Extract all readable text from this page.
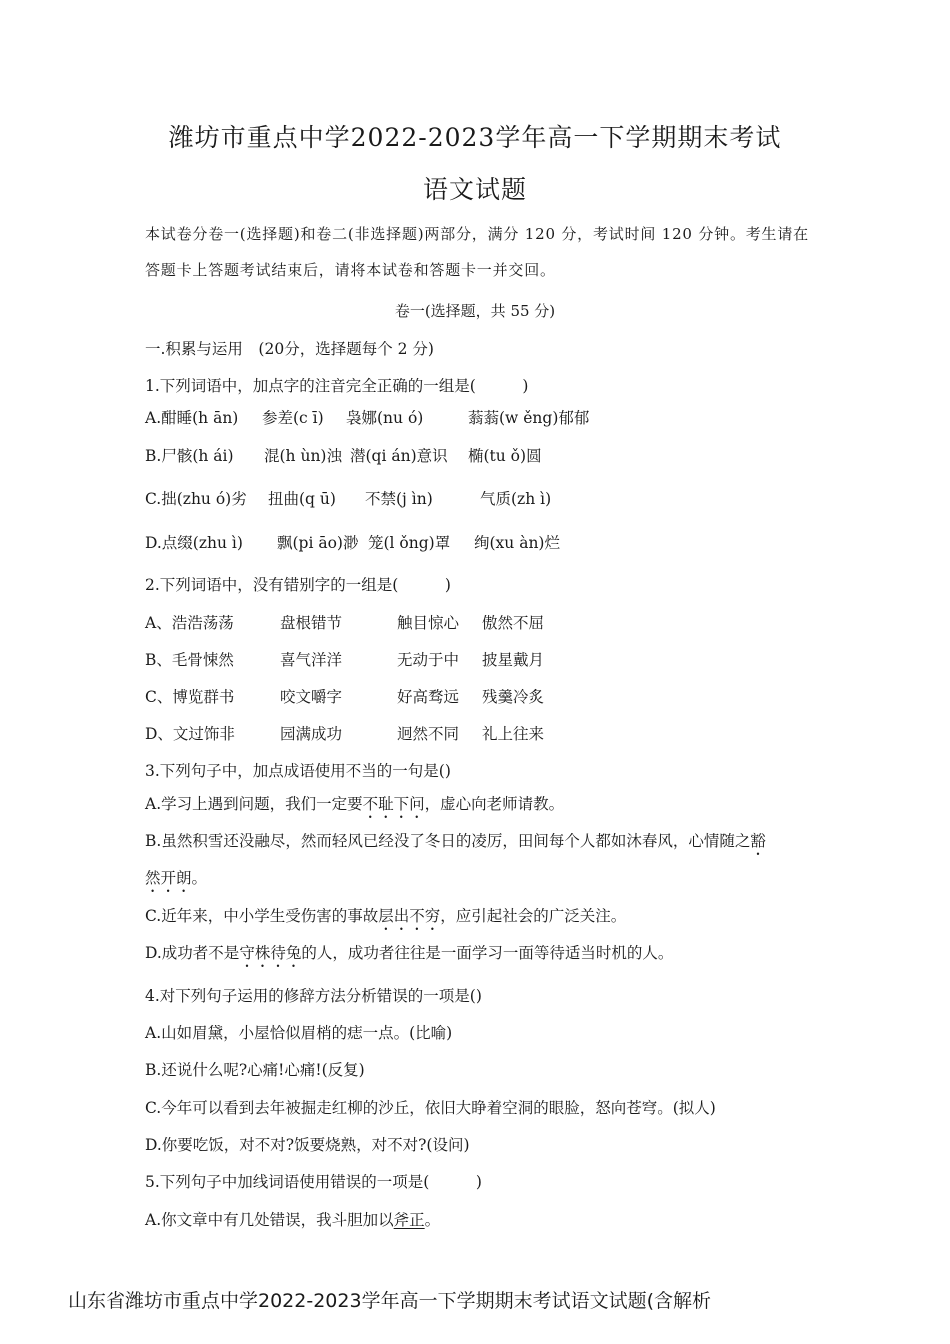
潍坊市重点中学2022-2023学年高一下学期期末考试
语文试题
本试卷分卷一(选择题)和卷二(非选择题)两部分，满分 120 分，考试时间 120 分钟。考生请在答题卡上答题考试结束后，请将本试卷和答题卡一并交回。
卷一(选择题，共 55 分)
一.积累与运用　(20分，选择题每个 2 分)
1.下列词语中，加点字的注音完全正确的一组是(　　　)
A.酣睡(h ān) 参差(c ī) 袅娜(nu ó)	蓊蓊(w ěng)郁郁
B.尸骸(h ái) 混(h ùn)浊 潜(qi án)意识 椭(tu ǒ)圆
C.拙(zhu ó)劣 扭曲(q ū) 不禁(j ìn)	气质(zh ì)
D.点缀(zhu ì) 飘(pi āo)渺 笼(l ǒng)罩 绚(xu àn)烂
2.下列词语中，没有错别字的一组是(　　　)
A、浩浩荡荡	盘根错节	触目惊心 傲然不屈
B、毛骨悚然	喜气洋洋	无动于中 披星戴月
C、博览群书	咬文嚼字	好高骛远 残羹冷炙
D、文过饰非	园满成功	迥然不同 礼上往来
3.下列句子中，加点成语使用不当的一句是()
A.学习上遇到问题，我们一定要不耻下问，虚心向老师请教。
B.虽然积雪还没融尽，然而轻风已经没了冬日的凌厉，田间每个人都如沐春风，心情随之豁
然开朗。
C.近年来，中小学生受伤害的事故层出不穷，应引起社会的广泛关注。
D.成功者不是守株待兔的人，成功者往往是一面学习一面等待适当时机的人。
4.对下列句子运用的修辞方法分析错误的一项是()
A.山如眉黛，小屋恰似眉梢的痣一点。(比喻)
B.还说什么呢?心痛!心痛!(反复)
C.今年可以看到去年被掘走红柳的沙丘，依旧大睁着空洞的眼脸，怒向苍穹。(拟人)
D.你要吃饭，对不对?饭要烧熟，对不对?(设问)
5.下列句子中加线词语使用错误的一项是(　　　)
A.你文章中有几处错误，我斗胆加以斧正。
山东省潍坊市重点中学2022-2023学年高一下学期期末考试语文试题(含解析
